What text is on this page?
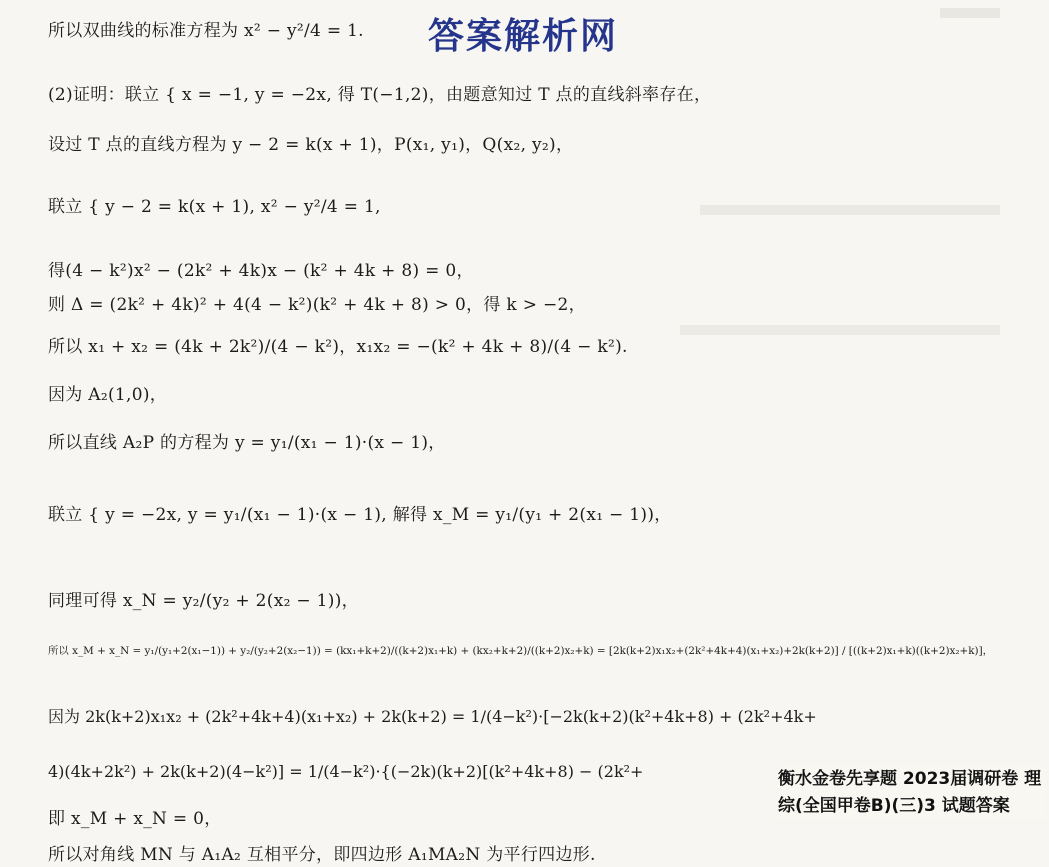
答案解析网
所以双曲线的标准方程为 x² − y²/4 = 1.
(2)证明：联立 { x = −1, y = −2x, 得 T(−1,2)，由题意知过 T 点的直线斜率存在，
设过 T 点的直线方程为 y − 2 = k(x + 1)，P(x₁, y₁)，Q(x₂, y₂)，
联立 { y − 2 = k(x + 1), x² − y²/4 = 1,
得(4 − k²)x² − (2k² + 4k)x − (k² + 4k + 8) = 0，
则 Δ = (2k² + 4k)² + 4(4 − k²)(k² + 4k + 8) > 0，得 k > −2，
所以 x₁ + x₂ = (4k + 2k²)/(4 − k²)，x₁x₂ = −(k² + 4k + 8)/(4 − k²).
因为 A₂(1,0)，
所以直线 A₂P 的方程为 y = y₁/(x₁ − 1)·(x − 1)，
联立 { y = −2x, y = y₁/(x₁ − 1)·(x − 1), 解得 x_M = y₁/(y₁ + 2(x₁ − 1))，
同理可得 x_N = y₂/(y₂ + 2(x₂ − 1))，
所以 x_M + x_N = y₁/(y₁+2(x₁−1)) + y₂/(y₂+2(x₂−1)) = (kx₁+k+2)/((k+2)x₁+k) + (kx₂+k+2)/((k+2)x₂+k) = [2k(k+2)x₁x₂+(2k²+4k+4)(x₁+x₂)+2k(k+2)] / [((k+2)x₁+k)((k+2)x₂+k)]，
因为 2k(k+2)x₁x₂ + (2k²+4k+4)(x₁+x₂) + 2k(k+2) = 1/(4−k²)·[−2k(k+2)(k²+4k+8) + (2k²+4k+
4)(4k+2k²) + 2k(k+2)(4−k²)] = 1/(4−k²)·{(−2k)(k+2)[(k²+4k+8) − (2k²+
即 x_M + x_N = 0，
所以对角线 MN 与 A₁A₂ 互相平分，即四边形 A₁MA₂N 为平行四边形.
衡水金卷先享题 2023届调研卷 理综(全国甲卷B)(三)3 试题答案
